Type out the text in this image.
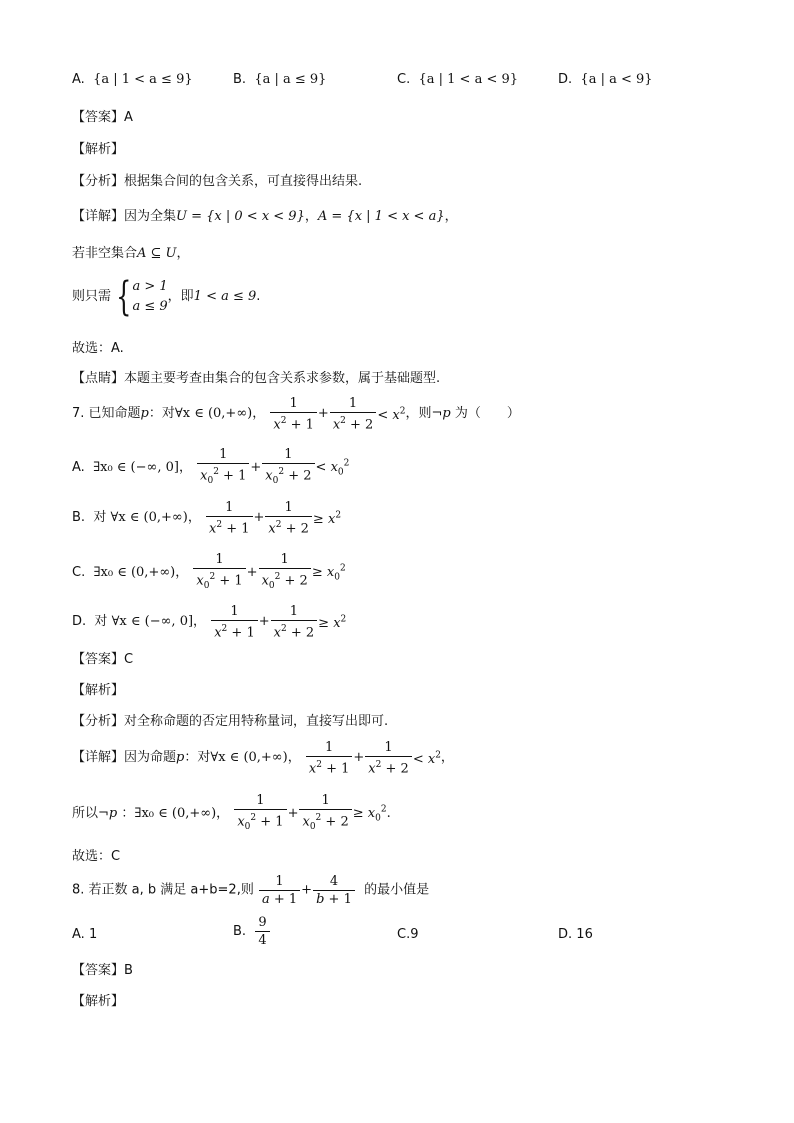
A. {a | 1 < a ≤ 9}	B. {a | a ≤ 9}	C. {a | 1 < a < 9}	D. {a | a < 9}
【答案】A
【解析】
【分析】根据集合间的包含关系，可直接得出结果.
【详解】因为全集U = {x | 0 < x < 9}，A = {x | 1 < x < a}，
若非空集合A ⊆ U，
则只需 { a > 1
a ≤ 9
，即1 < a ≤ 9.
故选：A.
【点睛】本题主要考查由集合的包含关系求参数，属于基础题型.
7. 已知命题p：对∀x ∈ (0,+∞)， $\frac{1}{x^2 + 1} + \frac{1}{x^2 + 2} < x^2$，则¬p 为（　　）
A. ∃x₀ ∈ (−∞, 0]， $\frac{1}{x_0^2 + 1} + \frac{1}{x_0^2 + 2} < x_0^2$
B. 对 ∀x ∈ (0,+∞)， $\frac{1}{x^2 + 1} + \frac{1}{x^2 + 2} \ge x^2$
C. ∃x₀ ∈ (0,+∞)， $\frac{1}{x_0^2 + 1} + \frac{1}{x_0^2 + 2} \ge x_0^2$
D. 对 ∀x ∈ (−∞, 0]， $\frac{1}{x^2 + 1} + \frac{1}{x^2 + 2} \ge x^2$
【答案】C
【解析】
【分析】对全称命题的否定用特称量词，直接写出即可.
【详解】因为命题p：对∀x ∈ (0,+∞)， $\frac{1}{x^2 + 1} + \frac{1}{x^2 + 2} < x^2$，
所以¬p ：∃x₀ ∈ (0,+∞)， $\frac{1}{x_0^2 + 1} + \frac{1}{x_0^2 + 2} \ge x_0^2$.
故选：C
8. 若正数 a, b 满足 a+b=2,则 $\frac{1}{a + 1} + \frac{4}{b + 1}$ 的最小值是
A. 1	B. $\frac{9}{4}$	C.9	D. 16
【答案】B
【解析】
